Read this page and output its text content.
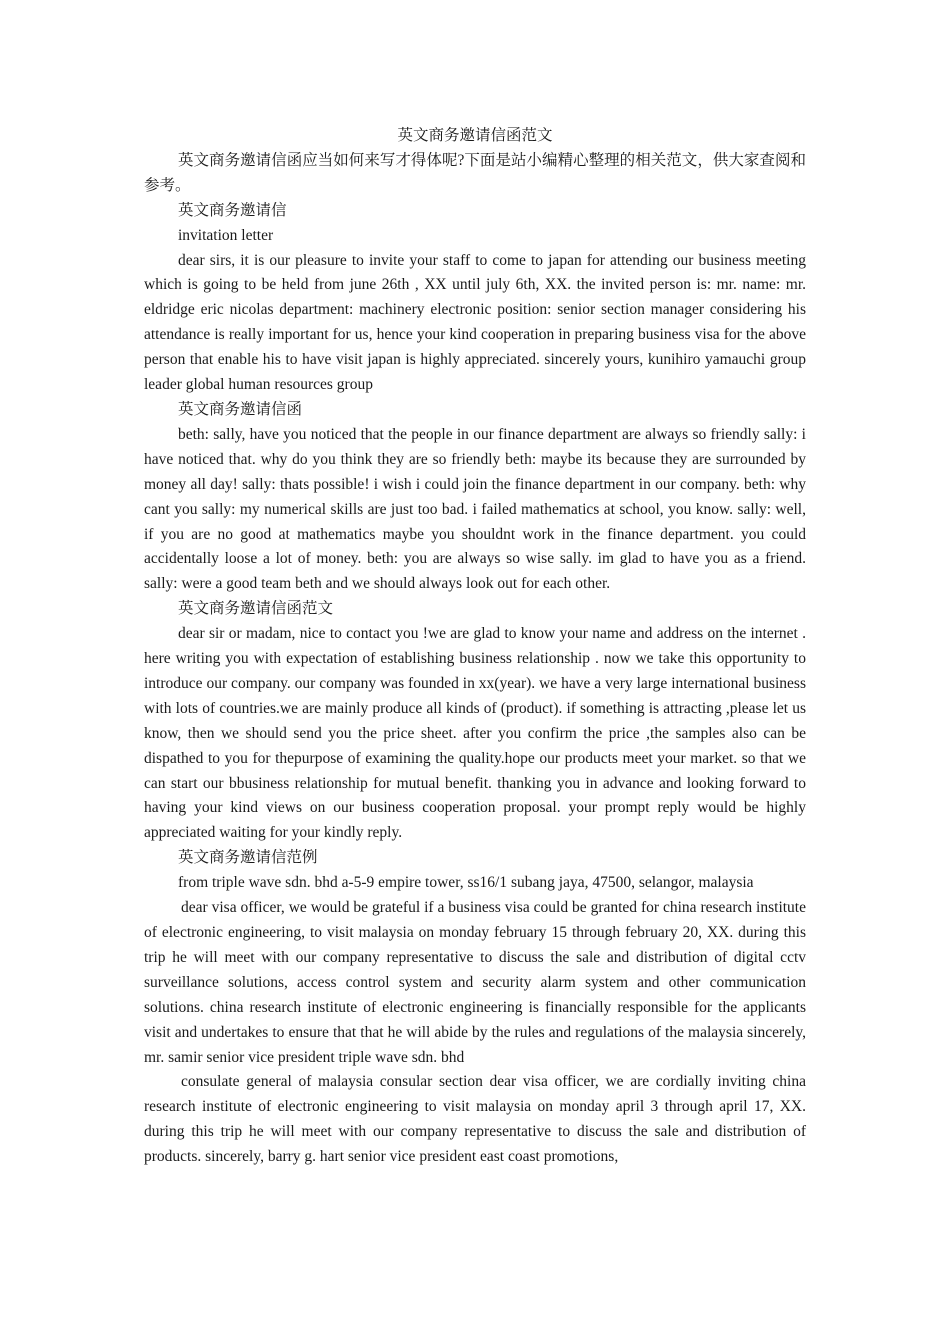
英文商务邀请信函范文

英文商务邀请信函应当如何来写才得体呢?下面是站小编精心整理的相关范文，供大家查阅和参考。

英文商务邀请信

invitation letter

dear sirs, it is our pleasure to invite your staff to come to japan for attending our business meeting which is going to be held from june 26th , XX until july 6th, XX. the invited person is: mr. name: mr. eldridge eric nicolas department: machinery electronic position: senior section manager considering his attendance is really important for us, hence your kind cooperation in preparing business visa for the above person that enable his to have visit japan is highly appreciated. sincerely yours, kunihiro yamauchi group leader global human resources group

英文商务邀请信函

beth: sally, have you noticed that the people in our finance department are always so friendly sally: i have noticed that. why do you think they are so friendly beth: maybe its because they are surrounded by money all day! sally: thats possible! i wish i could join the finance department in our company. beth: why cant you sally: my numerical skills are just too bad. i failed mathematics at school, you know. sally: well, if you are no good at mathematics maybe you shouldnt work in the finance department. you could accidentally loose a lot of money. beth: you are always so wise sally. im glad to have you as a friend. sally: were a good team beth and we should always look out for each other.

英文商务邀请信函范文

dear sir or madam, nice to contact you !we are glad to know your name and address on the internet . here writing you with expectation of establishing business relationship . now we take this opportunity to introduce our company. our company was founded in xx(year). we have a very large international business with lots of countries.we are mainly produce all kinds of (product). if something is attracting ,please let us know, then we should send you the price sheet. after you confirm the price ,the samples also can be dispathed to you for thepurpose of examining the quality.hope our products meet your market. so that we can start our bbusiness relationship for mutual benefit. thanking you in advance and looking forward to having your kind views on our business cooperation proposal. your prompt reply would be highly appreciated waiting for your kindly reply.

英文商务邀请信范例

from triple wave sdn. bhd a-5-9 empire tower, ss16/1 subang jaya, 47500, selangor, malaysia

dear visa officer, we would be grateful if a business visa could be granted for china research institute of electronic engineering, to visit malaysia on monday february 15 through february 20, XX. during this trip he will meet with our company representative to discuss the sale and distribution of digital cctv surveillance solutions, access control system and security alarm system and other communication solutions. china research institute of electronic engineering is financially responsible for the applicants visit and undertakes to ensure that that he will abide by the rules and regulations of the malaysia sincerely, mr. samir senior vice president triple wave sdn. bhd

consulate general of malaysia consular section dear visa officer, we are cordially inviting china research institute of electronic engineering to visit malaysia on monday april 3 through april 17, XX. during this trip he will meet with our company representative to discuss the sale and distribution of products. sincerely, barry g. hart senior vice president east coast promotions,
